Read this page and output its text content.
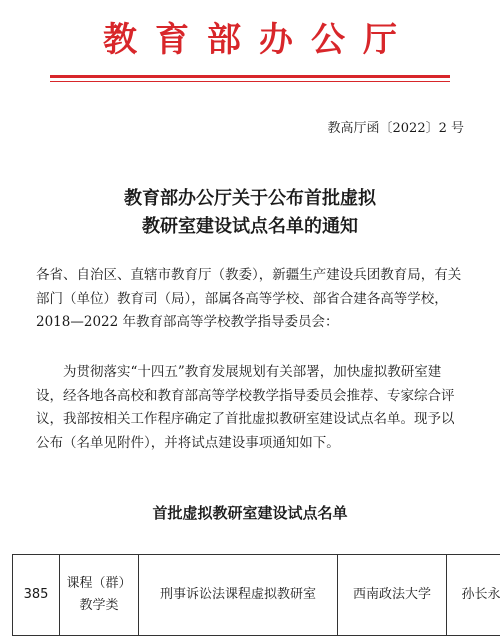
教育部办公厅
教高厅函〔2022〕2 号
教育部办公厅关于公布首批虚拟
教研室建设试点名单的通知
各省、自治区、直辖市教育厅（教委），新疆生产建设兵团教育局，有关部门（单位）教育司（局），部属各高等学校、部省合建各高等学校，2018—2022 年教育部高等学校教学指导委员会：
为贯彻落实“十四五”教育发展规划有关部署，加快虚拟教研室建设，经各地各高校和教育部高等学校教学指导委员会推荐、专家综合评议，我部按相关工作程序确定了首批虚拟教研室建设试点名单。现予以公布（名单见附件），并将试点建设事项通知如下。
首批虚拟教研室建设试点名单
385	课程（群）教学类	刑事诉讼法课程虚拟教研室	西南政法大学	孙长永
